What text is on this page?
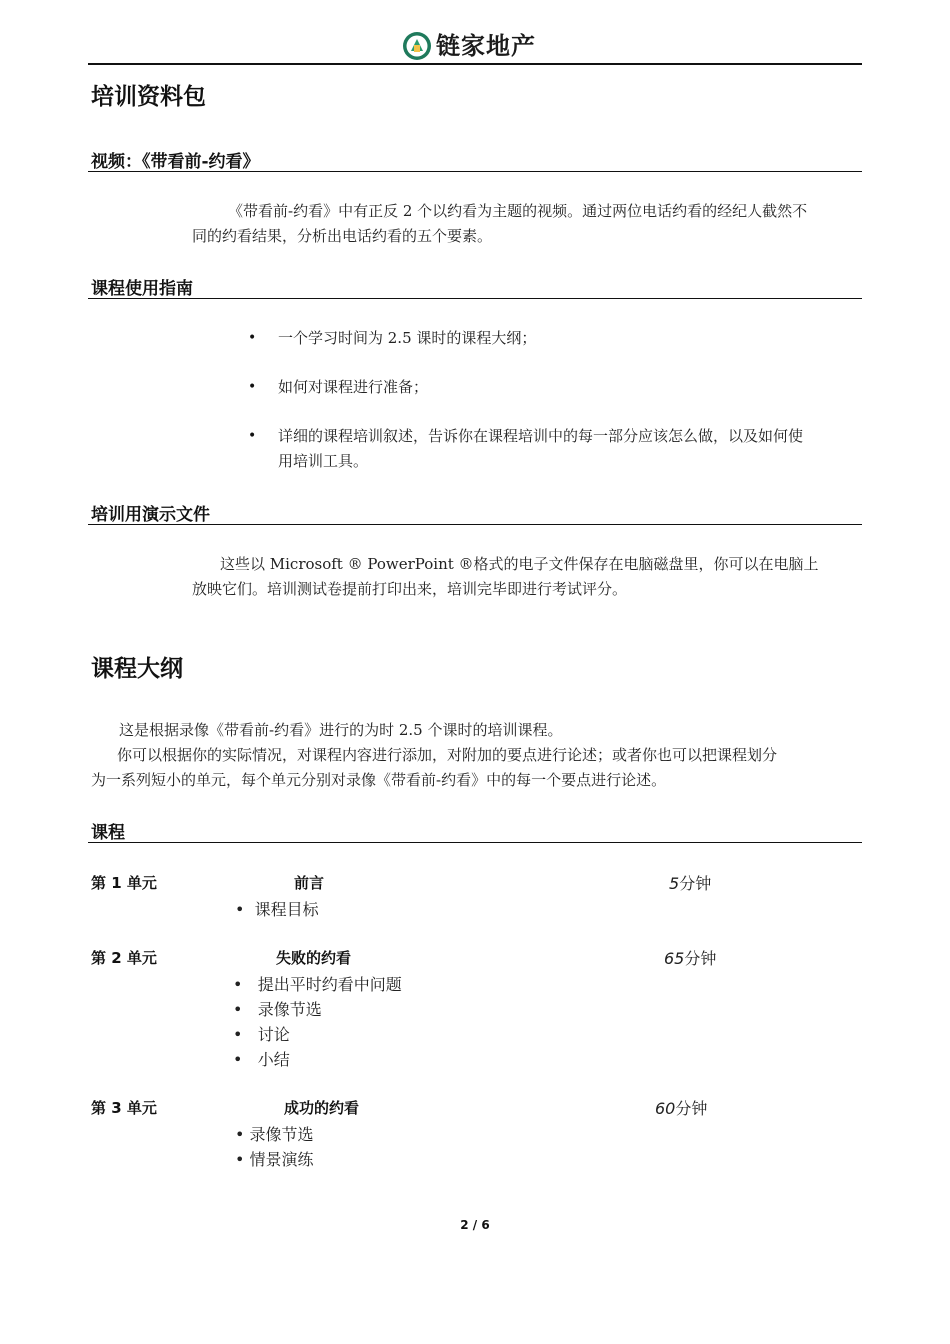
链家地产
培训资料包
视频：《带看前-约看》
《带看前-约看》中有正反 2 个以约看为主题的视频。通过两位电话约看的经纪人截然不
同的约看结果，分析出电话约看的五个要素。
课程使用指南
• 一个学习时间为 2.5 课时的课程大纲；
• 如何对课程进行准备；
• 详细的课程培训叙述，告诉你在课程培训中的每一部分应该怎么做，以及如何使
用培训工具。
培训用演示文件
这些以 Microsoft ® PowerPoint ®格式的电子文件保存在电脑磁盘里，你可以在电脑上
放映它们。培训测试卷提前打印出来，培训完毕即进行考试评分。
课程大纲
这是根据录像《带看前-约看》进行的为时 2.5 个课时的培训课程。
你可以根据你的实际情况，对课程内容进行添加，对附加的要点进行论述；或者你也可以把课程划分
为一系列短小的单元，每个单元分别对录像《带看前-约看》中的每一个要点进行论述。
课程
第 1 单元	前言	5分钟
•  课程目标
第 2 单元	失败的约看	65分钟
•   提出平时约看中问题
•   录像节选
•   讨论
•   小结
第 3 单元	成功的约看	60分钟
• 录像节选
• 情景演练
2 / 6
